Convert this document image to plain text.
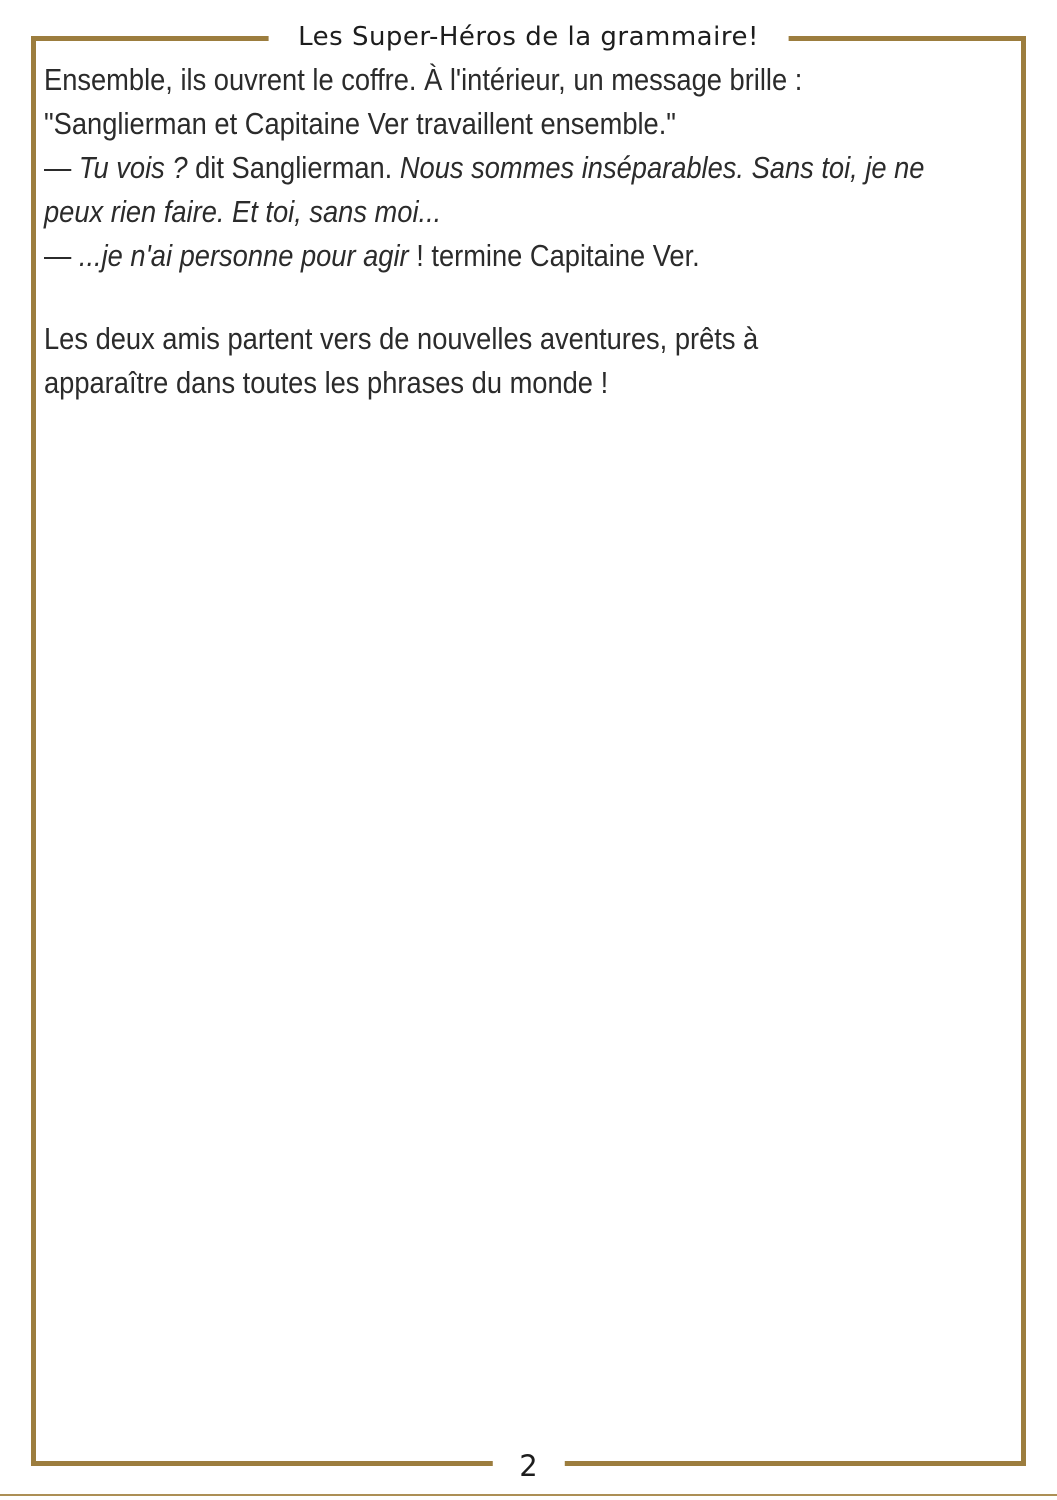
Les Super-Héros de la grammaire!
Ensemble, ils ouvrent le coffre. À l'intérieur, un message brille :
"Sanglierman et Capitaine Ver travaillent ensemble."
— Tu vois ? dit Sanglierman. Nous sommes inséparables. Sans toi, je ne
peux rien faire. Et toi, sans moi...
— ...je n'ai personne pour agir ! termine Capitaine Ver.
Les deux amis partent vers de nouvelles aventures, prêts à
apparaître dans toutes les phrases du monde !
2
